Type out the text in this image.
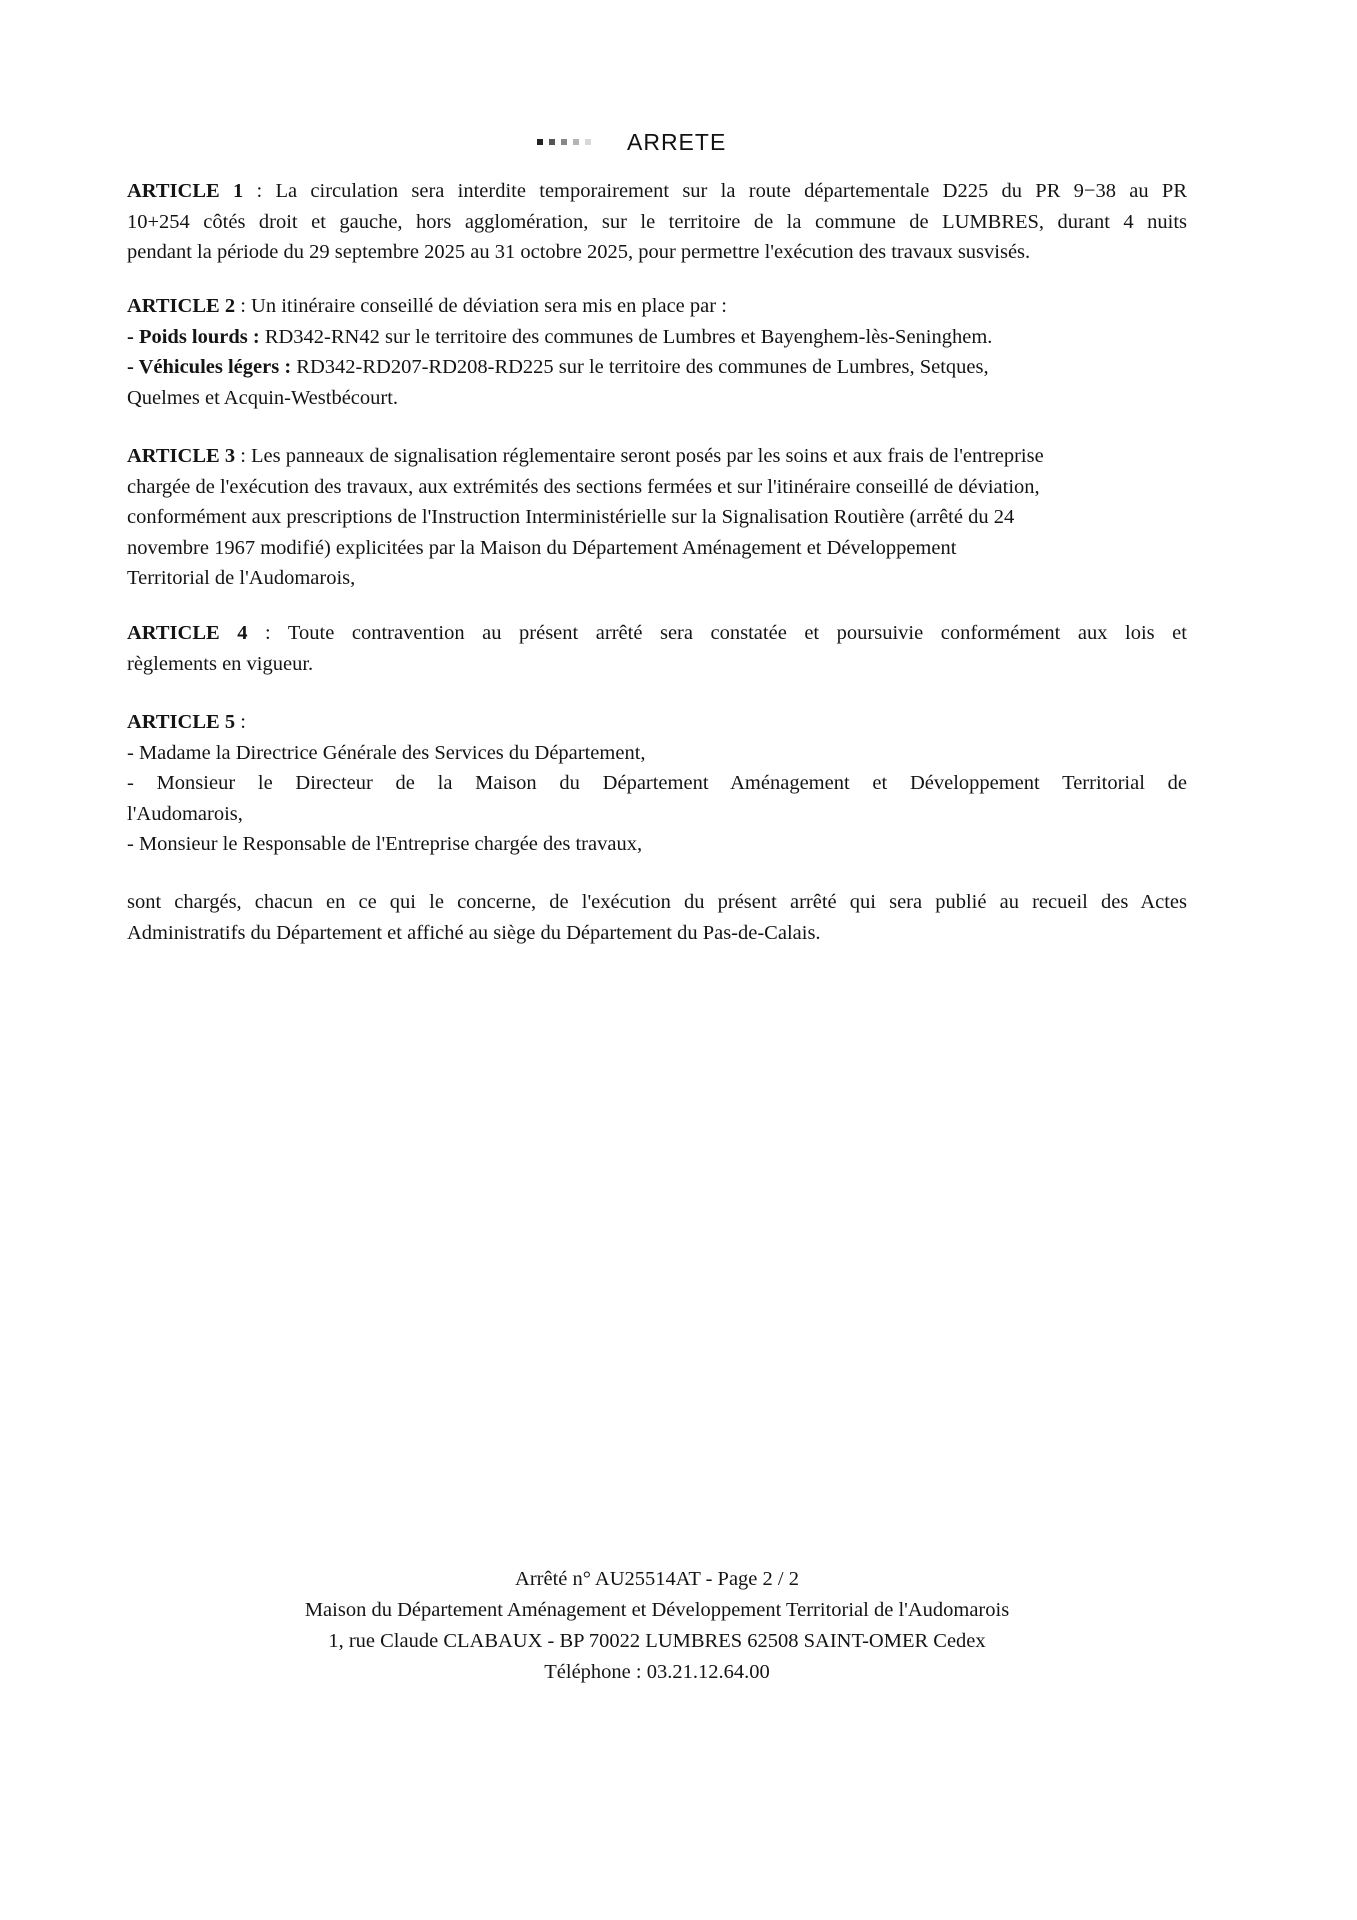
ARRETE
ARTICLE 1 : La circulation sera interdite temporairement sur la route départementale D225 du PR 9−38 au PR
10+254 côtés droit et gauche, hors agglomération, sur le territoire de la commune de LUMBRES, durant 4 nuits
pendant la période du 29 septembre 2025 au 31 octobre 2025, pour permettre l'exécution des travaux susvisés.
ARTICLE 2 : Un itinéraire conseillé de déviation sera mis en place par :
- Poids lourds : RD342-RN42 sur le territoire des communes de Lumbres et Bayenghem-lès-Seninghem.
- Véhicules légers : RD342-RD207-RD208-RD225 sur le territoire des communes de Lumbres, Setques,
Quelmes et Acquin-Westbécourt.
ARTICLE 3 : Les panneaux de signalisation réglementaire seront posés par les soins et aux frais de l'entreprise
chargée de l'exécution des travaux, aux extrémités des sections fermées et sur l'itinéraire conseillé de déviation,
conformément aux prescriptions de l'Instruction Interministérielle sur la Signalisation Routière (arrêté du 24
novembre 1967 modifié) explicitées par la Maison du Département Aménagement et Développement
Territorial de l'Audomarois,
ARTICLE 4 : Toute contravention au présent arrêté sera constatée et poursuivie conformément aux lois et
règlements en vigueur.
ARTICLE 5 :
- Madame la Directrice Générale des Services du Département,
- Monsieur le Directeur de la Maison du Département Aménagement et Développement Territorial de
l'Audomarois,
- Monsieur le Responsable de l'Entreprise chargée des travaux,
sont chargés, chacun en ce qui le concerne, de l'exécution du présent arrêté qui sera publié au recueil des Actes
Administratifs du Département et affiché au siège du Département du Pas-de-Calais.
Arrêté n° AU25514AT - Page 2 / 2
Maison du Département Aménagement et Développement Territorial de l'Audomarois
1, rue Claude CLABAUX - BP 70022 LUMBRES 62508 SAINT-OMER Cedex
Téléphone : 03.21.12.64.00
